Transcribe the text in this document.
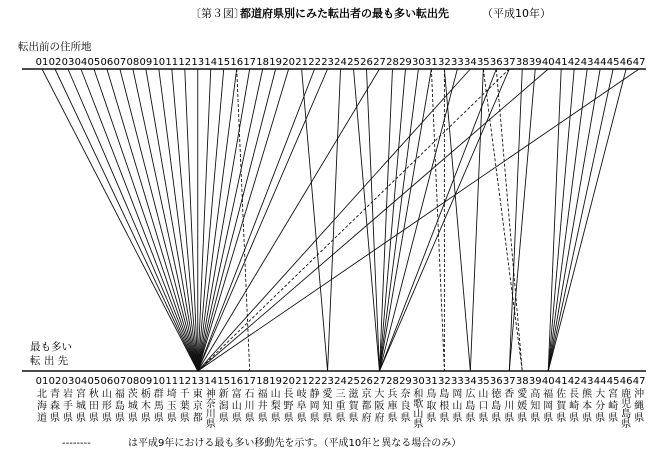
〔第３図〕
都道府県別にみた転出者の最も多い転出先	（平成10年）
転出前の住所地
最も多い
転 出 先
01 02 03 04 05 06 07 08 09 10 11 12 13 14 15 16 17 18 19 20 21 22 23 24 25 26 27 28 29 30 31 32 33 34 35 36 37 38 39 40 41 42 43 44 45 46 47
01 02 03 04 05 06 07 08 09 10 11 12 13 14 15 16 17 18 19 20 21 22 23 24 25 26 27 28 29 30 31 32 33 34 35 36 37 38 39 40 41 42 43 44 45 46 47
北海道
青森県
岩手県
宮城県
秋田県
山形県
福島県
茨城県
栃木県
群馬県
埼玉県
千葉県
東京都
神奈川県
新潟県
富山県
石川県
福井県
山梨県
長野県
岐阜県
静岡県
愛知県
三重県
滋賀県
京都府
大阪府
兵庫県
奈良県
和歌山県
鳥取県
島根県
岡山県
広島県
山口県
徳島県
香川県
愛媛県
高知県
福岡県
佐賀県
長崎県
熊本県
大分県
宮崎県
鹿児島県
沖縄県
--------	は平成9年における最も多い移動先を示す。（平成10年と異なる場合のみ）
